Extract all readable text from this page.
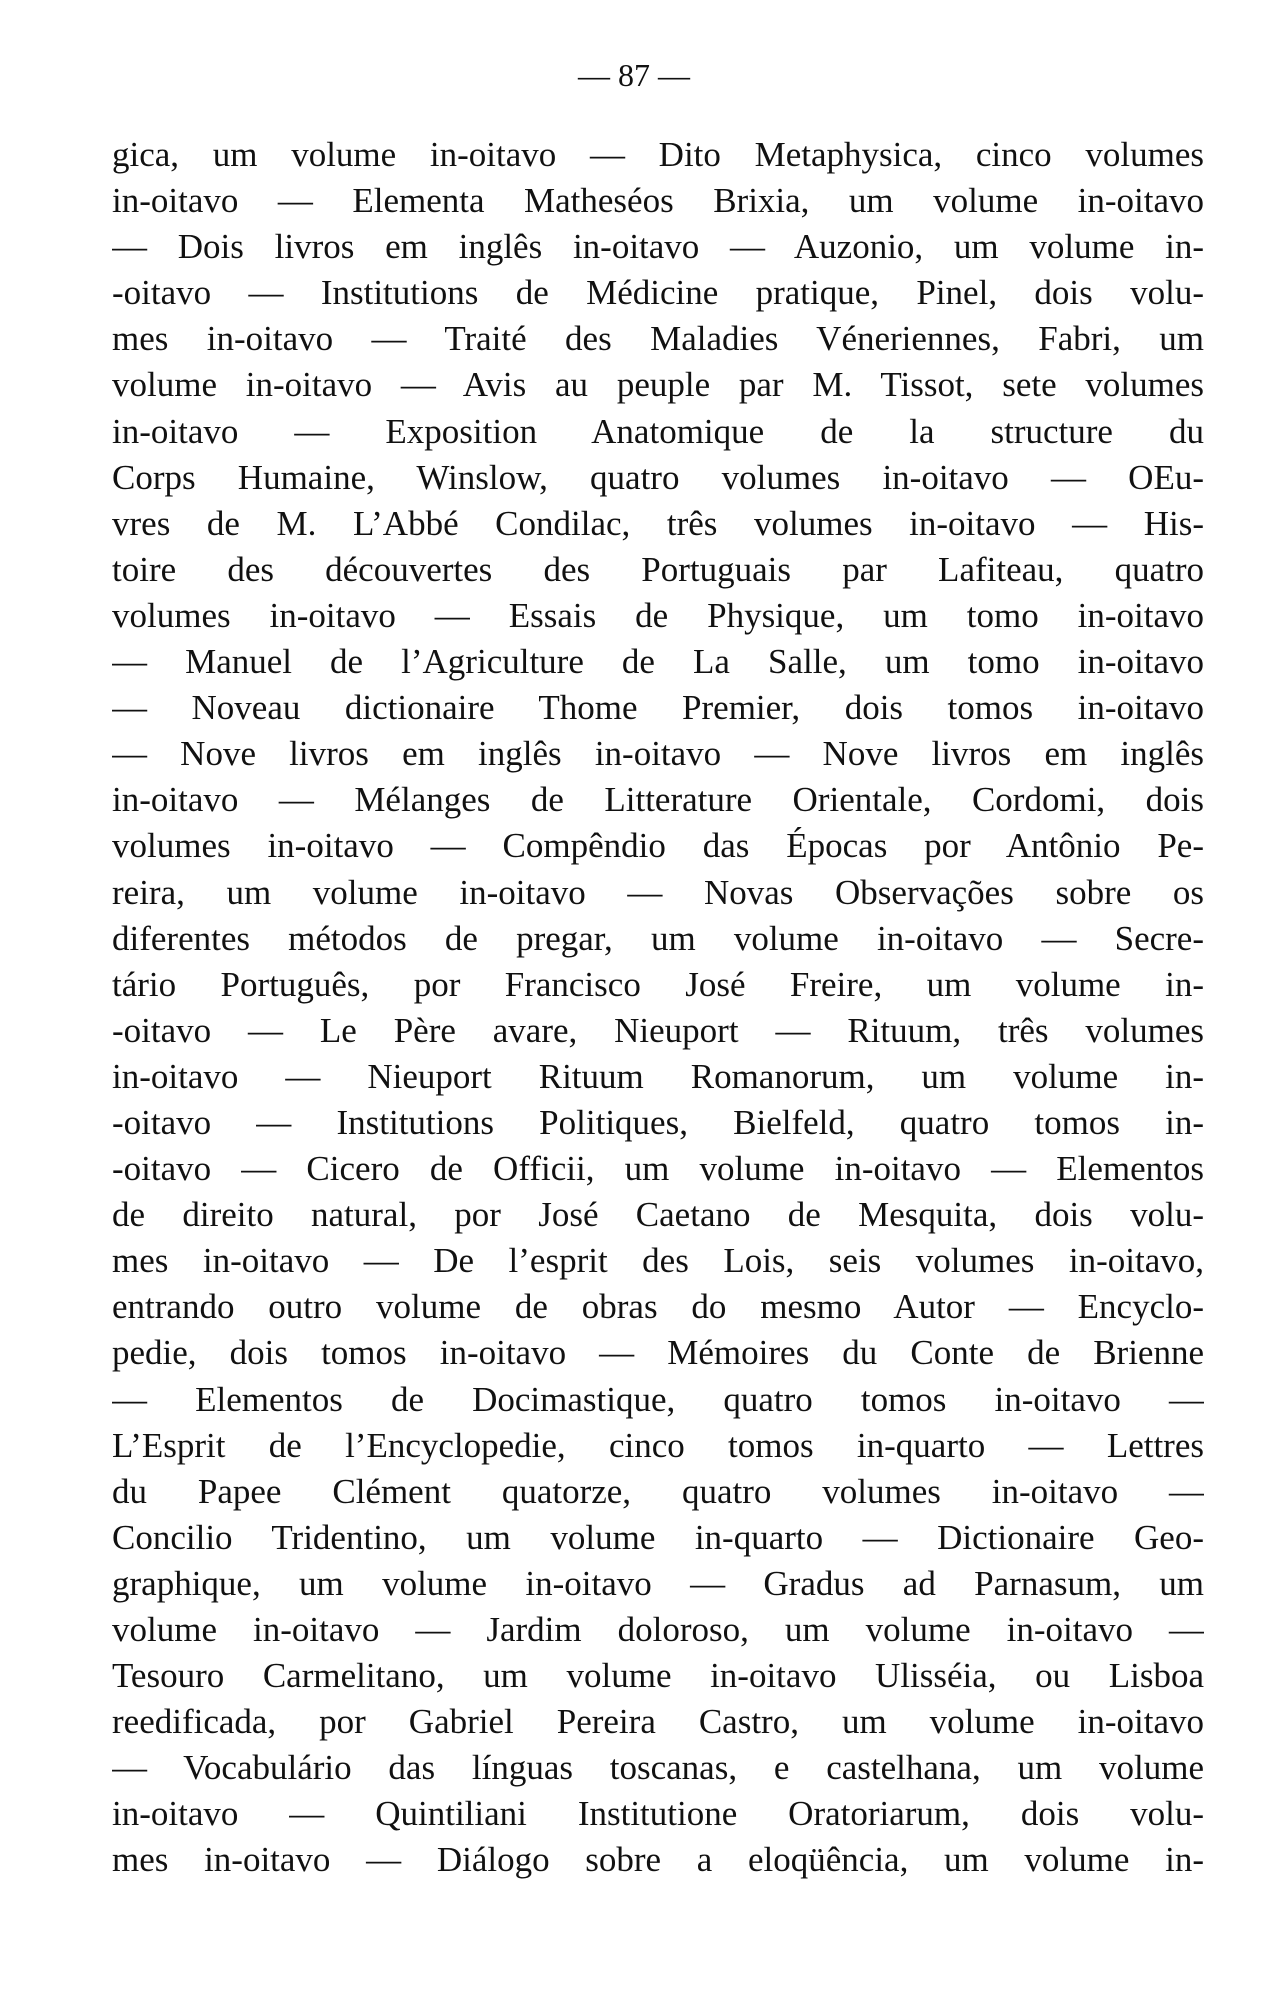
— 87 —
gica, um volume in-oitavo — Dito Metaphysica, cinco volumes
in-oitavo — Elementa Matheséos Brixia, um volume in-oitavo
— Dois livros em inglês in-oitavo — Auzonio, um volume in-
-oitavo — Institutions de Médicine pratique, Pinel, dois volu-
mes in-oitavo — Traité des Maladies Véneriennes, Fabri, um
volume in-oitavo — Avis au peuple par M. Tissot, sete volumes
in-oitavo — Exposition Anatomique de la structure du
Corps Humaine, Winslow, quatro volumes in-oitavo — OEu-
vres de M. L’Abbé Condilac, três volumes in-oitavo — His-
toire des découvertes des Portuguais par Lafiteau, quatro
volumes in-oitavo — Essais de Physique, um tomo in-oitavo
— Manuel de l’Agriculture de La Salle, um tomo in-oitavo
— Noveau dictionaire Thome Premier, dois tomos in-oitavo
— Nove livros em inglês in-oitavo — Nove livros em inglês
in-oitavo — Mélanges de Litterature Orientale, Cordomi, dois
volumes in-oitavo — Compêndio das Épocas por Antônio Pe-
reira, um volume in-oitavo — Novas Observações sobre os
diferentes métodos de pregar, um volume in-oitavo — Secre-
tário Português, por Francisco José Freire, um volume in-
-oitavo — Le Père avare, Nieuport — Rituum, três volumes
in-oitavo — Nieuport Rituum Romanorum, um volume in-
-oitavo — Institutions Politiques, Bielfeld, quatro tomos in-
-oitavo — Cicero de Officii, um volume in-oitavo — Elementos
de direito natural, por José Caetano de Mesquita, dois volu-
mes in-oitavo — De l’esprit des Lois, seis volumes in-oitavo,
entrando outro volume de obras do mesmo Autor — Encyclo-
pedie, dois tomos in-oitavo — Mémoires du Conte de Brienne
— Elementos de Docimastique, quatro tomos in-oitavo —
L’Esprit de l’Encyclopedie, cinco tomos in-quarto — Lettres
du Papee Clément quatorze, quatro volumes in-oitavo —
Concilio Tridentino, um volume in-quarto — Dictionaire Geo-
graphique, um volume in-oitavo — Gradus ad Parnasum, um
volume in-oitavo — Jardim doloroso, um volume in-oitavo —
Tesouro Carmelitano, um volume in-oitavo Ulisséia, ou Lisboa
reedificada, por Gabriel Pereira Castro, um volume in-oitavo
— Vocabulário das línguas toscanas, e castelhana, um volume
in-oitavo — Quintiliani Institutione Oratoriarum, dois volu-
mes in-oitavo — Diálogo sobre a eloqüência, um volume in-
